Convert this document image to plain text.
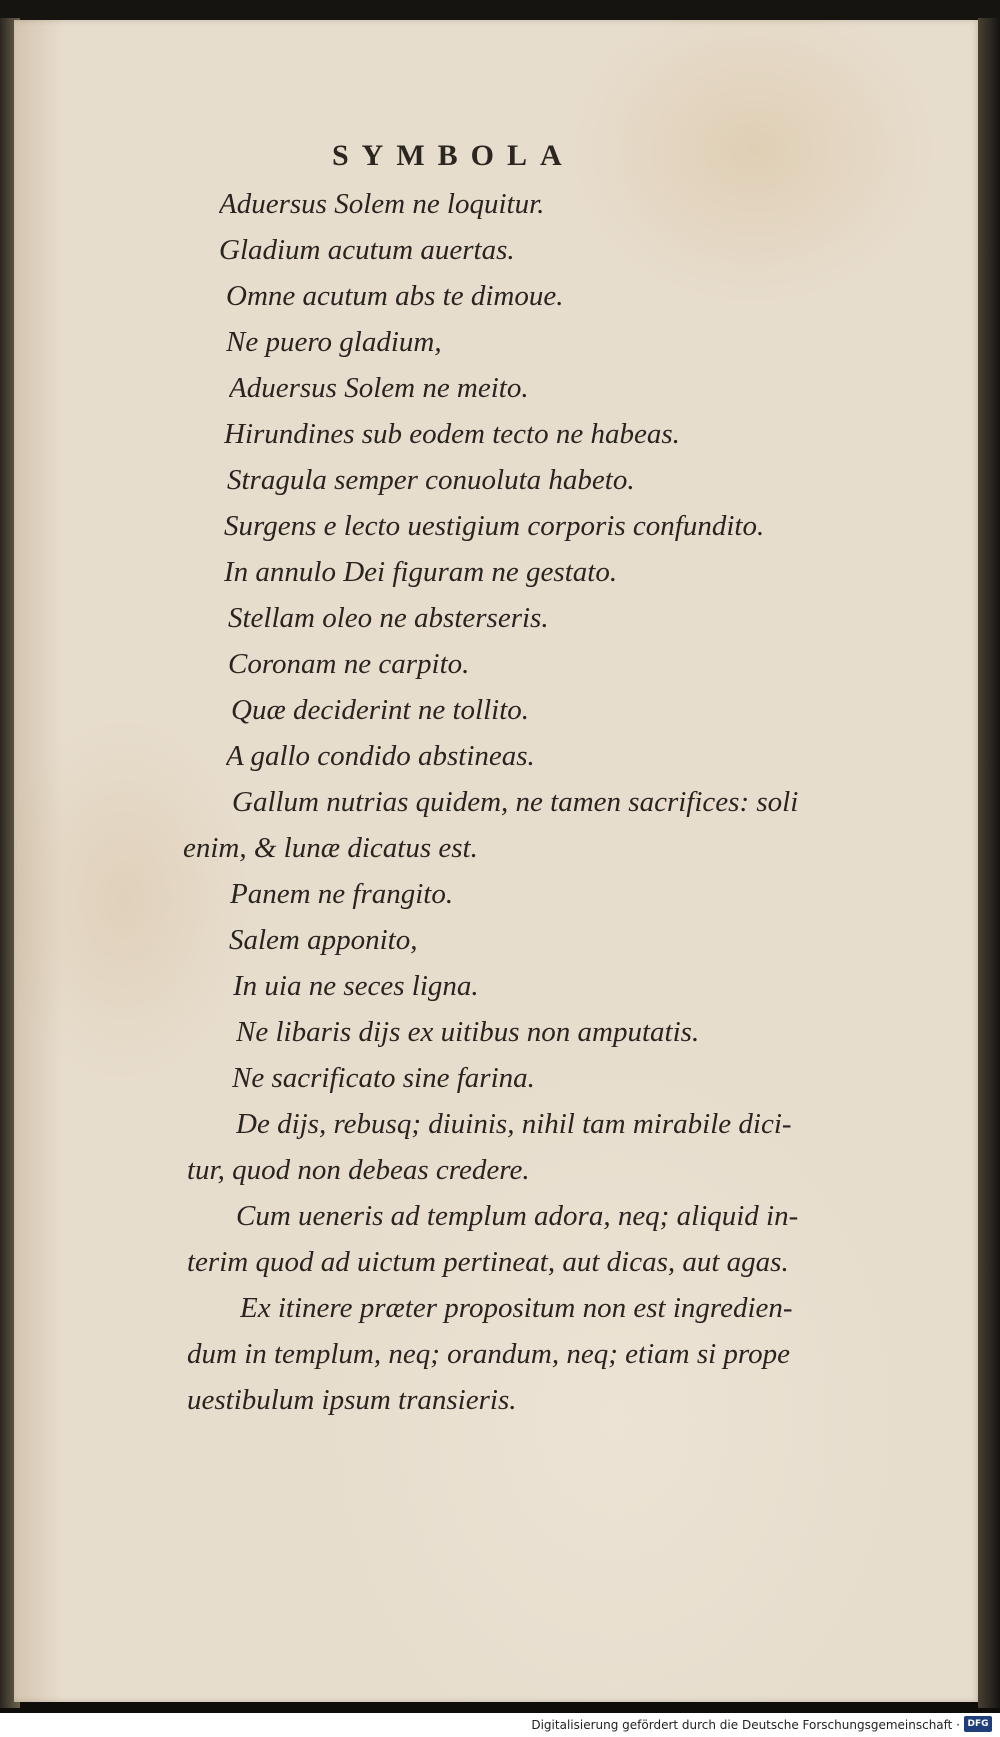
SYMBOLA
Aduersus Solem ne loquitur.
Gladium acutum auertas.
Omne acutum abs te dimoue.
Ne puero gladium,
Aduersus Solem ne meito.
Hirundines sub eodem tecto ne habeas.
Stragula semper conuoluta habeto.
Surgens e lecto uestigium corporis confundito.
In annulo Dei figuram ne gestato.
Stellam oleo ne absterseris.
Coronam ne carpito.
Quæ deciderint ne tollito.
A gallo condido abstineas.
Gallum nutrias quidem, ne tamen sacrifices: soli
enim, & lunæ dicatus est.
Panem ne frangito.
Salem apponito,
In uia ne seces ligna.
Ne libaris dijs ex uitibus non amputatis.
Ne sacrificato sine farina.
De dijs, rebusq; diuinis, nihil tam mirabile dici-
tur, quod non debeas credere.
Cum ueneris ad templum adora, neq; aliquid in-
terim quod ad uictum pertineat, aut dicas, aut agas.
Ex itinere præter propositum non est ingredien-
dum in templum, neq; orandum, neq; etiam si prope
uestibulum ipsum transieris.
Digitalisierung gefördert durch die Deutsche Forschungsgemeinschaft · DFG
